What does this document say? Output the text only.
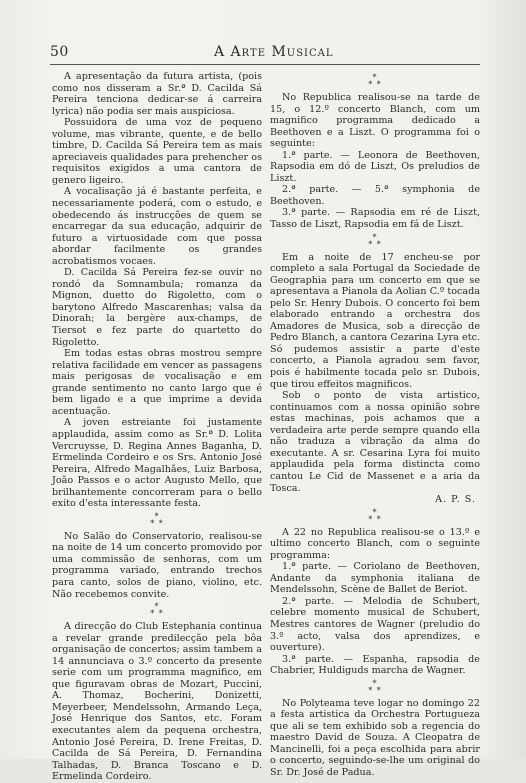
50	A Arte Musical

A apresentação da futura artista, (pois como nos disseram a Sr.ª D. Cacilda Sá Pereira tenciona dedicar-se á carreira lyrica) não podia ser mais auspiciosa.

Possuidora de uma voz de pequeno volume, mas vibrante, quente, e de bello timbre, D. Cacilda Sá Pereira tem as mais apreciaveis qualidades para prehencher os requisitos exigidos a uma cantora de genero ligeiro.

A vocalisação já é bastante perfeita, e necessariamente poderá, com o estudo, e obedecendo ás instrucções de quem se encarregar da sua educação, adquirir de futuro a virtuosidade com que possa abordar facilmente os grandes acrobatismos vocaes.

D. Cacilda Sá Pereira fez-se ouvir no rondó da Somnambula; romanza da Mignon, duetto do Rigoletto, com o barytono Alfredo Mascarenhas; valsa da Dinorah; la bergère aux-champs, de Tiersot e fez parte do quartetto do Rigoletto.

Em todas estas obras mostrou sempre relativa facilidade em vencer as passagens mais perigosas de vocalisação e em grande sentimento no canto largo que é bem ligado e a que imprime a devida acentuação.

A joven estreiante foi justamente applaudida, assim como as Sr.ª D. Lolita Vercruysse, D. Regina Annes Baganha, D. Ermelinda Cordeiro e os Srs. Antonio José Pereira, Alfredo Magalhães, Luiz Barbosa, João Passos e o actor Augusto Mello, que brilhantemente concorreram para o bello exito d'esta interessante festa.

*
* *

No Salão do Conservatorio, realisou-se na noite de 14 um concerto promovido por uma commissão de senhoras, com um programma variado, entrando trechos para canto, solos de piano, violino, etc. Não recebemos convite.

*
* *

A direcção do Club Estephania continua a revelar grande predilecção pela bôa organisação de concertos; assim tambem a 14 annunciava o 3.º concerto da presente serie com um programma magnifico, em que figuravam obras de Mozart, Puccini, A. Thomaz, Bocherini, Donizetti, Meyerbeer, Mendelssohn, Armando Leça, José Henrique dos Santos, etc. Foram executantes alem da pequena orchestra, Antonio José Pereira, D. Irene Freitas, D. Cacilda de Sá Pereira, D. Fernandina Talhadas, D. Branca Toscano e D. Ermelinda Cordeiro.

*
* *

No Republica realisou-se na tarde de 15, o 12.º concerto Blanch, com um magnifico programma dedicado a Beethoven e a Liszt. O programma foi o seguinte:

1.ª parte. — Leonora de Beethoven, Rapsodia em dó de Liszt, Os preludios de Liszt.

2.ª parte. — 5.ª symphonia de Beethoven.

3.ª parte. — Rapsodia em ré de Liszt, Tasso de Liszt, Rapsodia em fá de Liszt.

*
* *

Em a noite de 17 encheu-se por completo a sala Portugal da Sociedade de Geographia para um concerto em que se apresentava a Pianola da Aolian C.º tocada pelo Sr. Henry Dubois. O concerto foi bem elaborado entrando a orchestra dos Amadores de Musica, sob a direcção de Pedro Blanch, a cantora Cezarina Lyra etc. Só pudemos assistir a parte d'este concerto, a Pianola agradou sem favor, pois é habilmente tocada pelo sr. Dubois, que tirou effeitos magnificos.

Sob o ponto de vista artistico, continuamos com a nossa opinião sobre estas machinas, pois achamos que a verdadeira arte perde sempre quando ella não traduza a vibração da alma do executante. A sr. Cesarina Lyra foi muito applaudida pela forma distincta como cantou Le Cid de Massenet e a aria da Tosca.

A. P. S.
*
* *

A 22 no Republica realisou-se o 13.º e ultimo concerto Blanch, com o seguinte programma:

1.ª parte. — Coriolano de Beethoven, Andante da symphonia italiana de Mendelssohn, Scène de Ballet de Beriot.

2.ª parte. — Melodia de Schubert, celebre momento musical de Schubert, Mestres cantores de Wagner (preludio do 3.º acto, valsa dos aprendizes, e ouverture).

3.ª parte. — Espanha, rapsodia de Chabrier, Huldiguds marcha de Wagner.

*
* *

No Polyteama teve logar no domingo 22 a festa artistica da Orchestra Portugueza que ali se tem exhibido sob a regencia do maestro David de Souza. A Cleopatra de Mancinelli, foi a peça escolhida para abrir o concerto, seguindo-se-lhe um original do Sr. Dr. José de Padua.
